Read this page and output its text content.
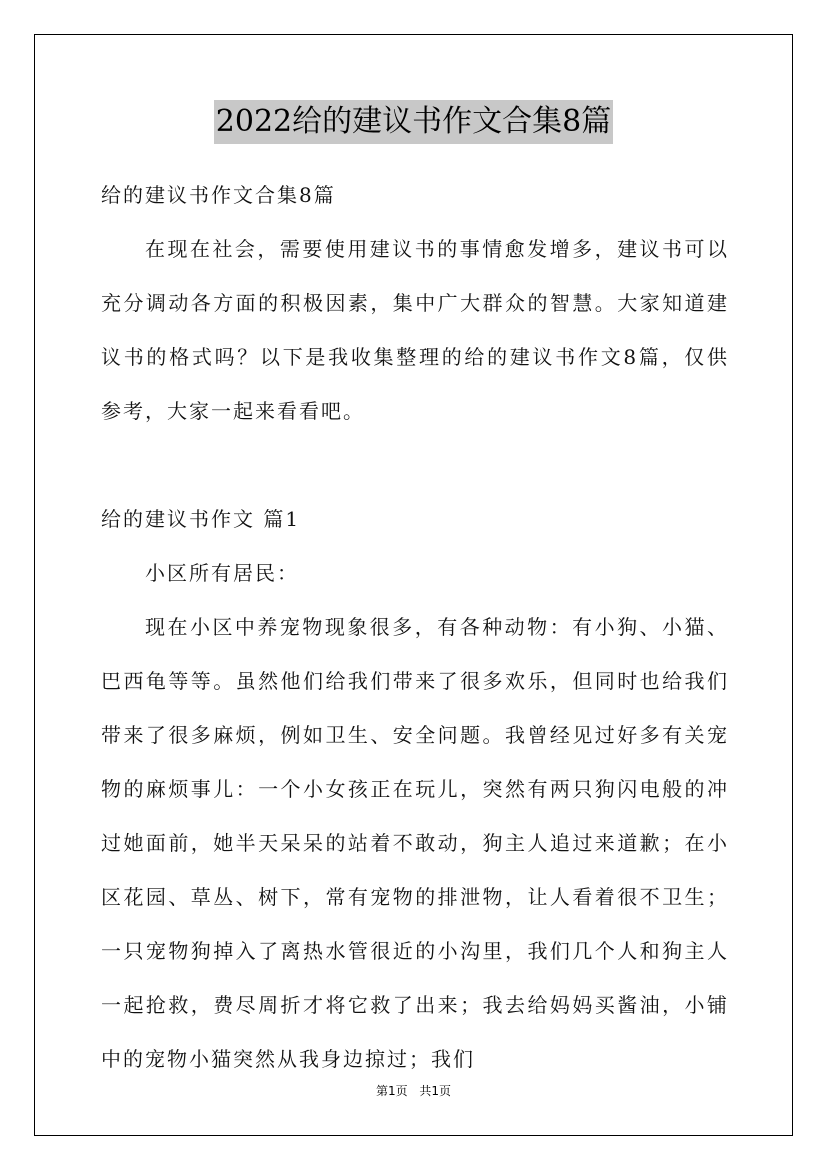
2022给的建议书作文合集8篇

给的建议书作文合集8篇

在现在社会，需要使用建议书的事情愈发增多，建议书可以充分调动各方面的积极因素，集中广大群众的智慧。大家知道建议书的格式吗？以下是我收集整理的给的建议书作文8篇，仅供参考，大家一起来看看吧。

给的建议书作文 篇1

小区所有居民：

现在小区中养宠物现象很多，有各种动物：有小狗、小猫、巴西龟等等。虽然他们给我们带来了很多欢乐，但同时也给我们带来了很多麻烦，例如卫生、安全问题。我曾经见过好多有关宠物的麻烦事儿：一个小女孩正在玩儿，突然有两只狗闪电般的冲过她面前，她半天呆呆的站着不敢动，狗主人追过来道歉；在小区花园、草丛、树下，常有宠物的排泄物，让人看着很不卫生；一只宠物狗掉入了离热水管很近的小沟里，我们几个人和狗主人一起抢救，费尽周折才将它救了出来；我去给妈妈买酱油，小铺中的宠物小猫突然从我身边掠过；我们

第1页 共1页
